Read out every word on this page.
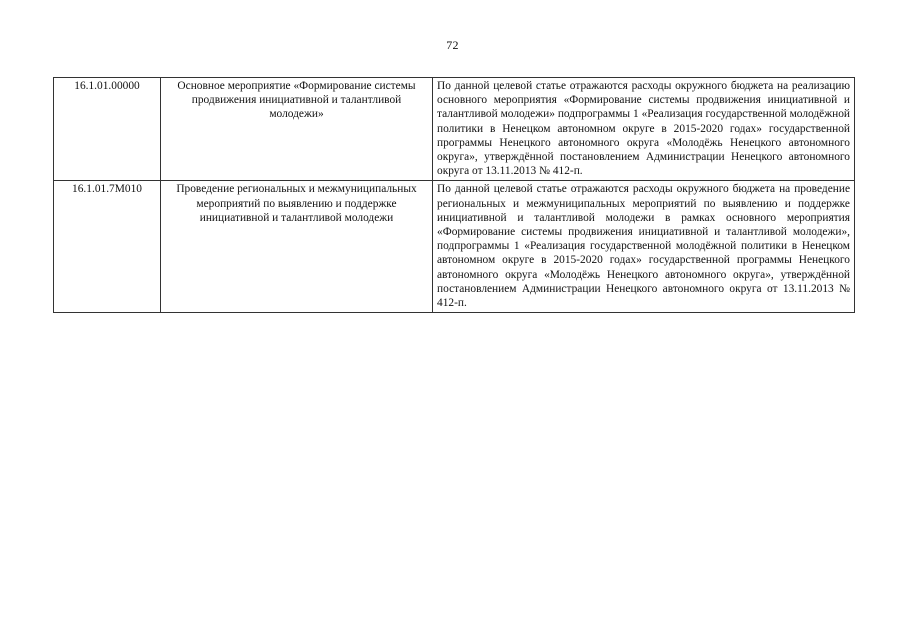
72
16.1.01.00000	Основное мероприятие «Формирование системы продвижения инициативной и талантливой молодежи»	По данной целевой статье отражаются расходы окружного бюджета на реализацию основного мероприятия «Формирование системы продвижения инициативной и талантливой молодежи» подпрограммы 1 «Реализация государственной молодёжной политики в Ненецком автономном округе в 2015-2020 годах» государственной программы Ненецкого автономного округа «Молодёжь Ненецкого автономного округа», утверждённой постановлением Администрации Ненецкого автономного округа от 13.11.2013 № 412-п.
16.1.01.7М010	Проведение региональных и межмуниципальных мероприятий по выявлению и поддержке инициативной и талантливой молодежи	По данной целевой статье отражаются расходы окружного бюджета на проведение региональных и межмуниципальных мероприятий по выявлению и поддержке инициативной и талантливой молодежи в рамках основного мероприятия «Формирование системы продвижения инициативной и талантливой молодежи», подпрограммы 1 «Реализация государственной молодёжной политики в Ненецком автономном округе в 2015-2020 годах» государственной программы Ненецкого автономного округа «Молодёжь Ненецкого автономного округа», утверждённой постановлением Администрации Ненецкого автономного округа от 13.11.2013 № 412-п.
